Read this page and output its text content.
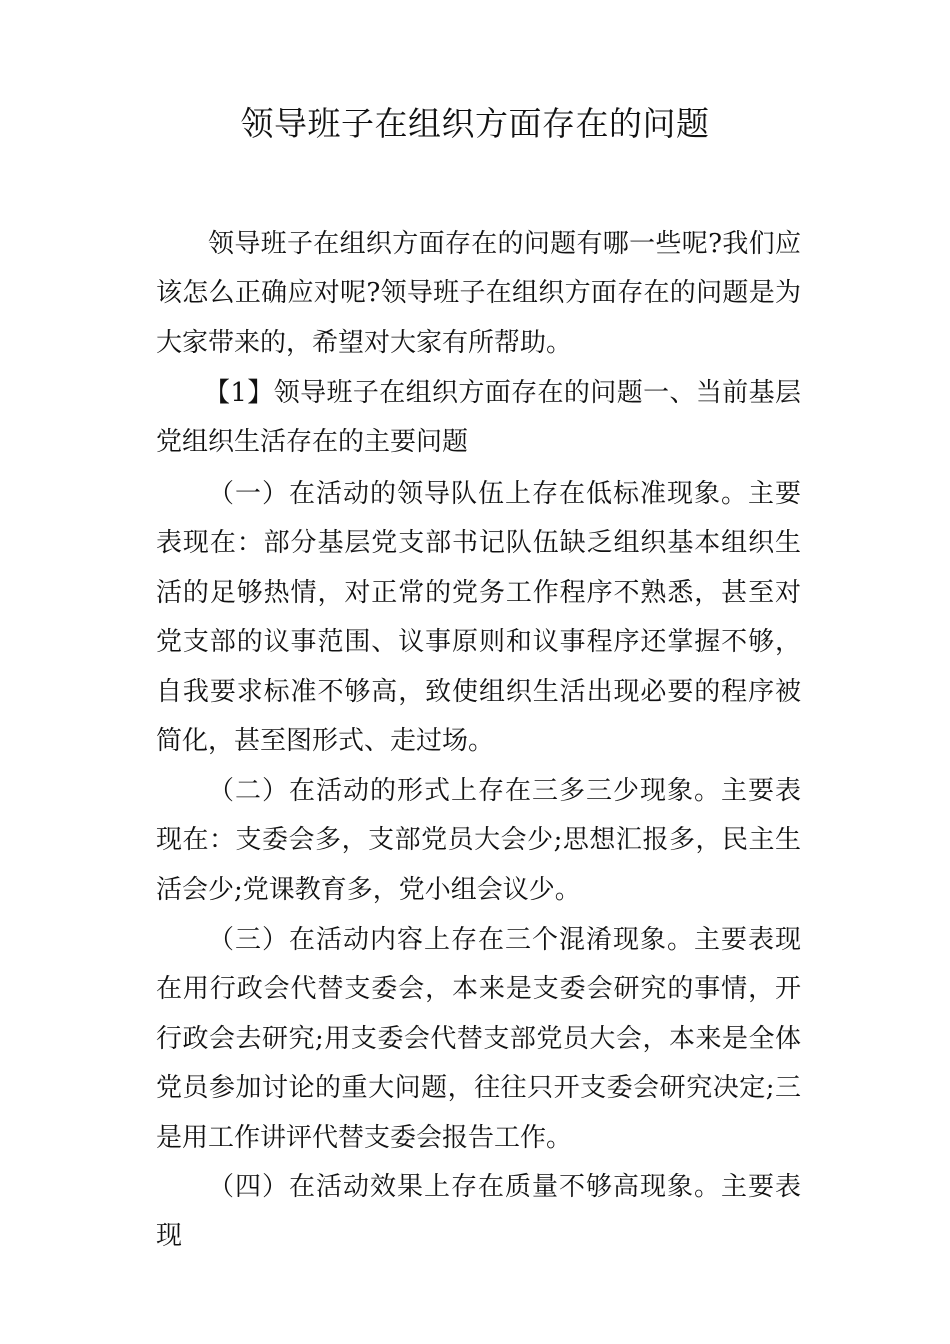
领导班子在组织方面存在的问题

领导班子在组织方面存在的问题有哪一些呢?我们应该怎么正确应对呢?领导班子在组织方面存在的问题是为大家带来的，希望对大家有所帮助。

【1】领导班子在组织方面存在的问题一、当前基层党组织生活存在的主要问题

（一）在活动的领导队伍上存在低标准现象。主要表现在：部分基层党支部书记队伍缺乏组织基本组织生活的足够热情，对正常的党务工作程序不熟悉，甚至对党支部的议事范围、议事原则和议事程序还掌握不够，自我要求标准不够高，致使组织生活出现必要的程序被简化，甚至图形式、走过场。

（二）在活动的形式上存在三多三少现象。主要表现在：支委会多，支部党员大会少;思想汇报多，民主生活会少;党课教育多，党小组会议少。

（三）在活动内容上存在三个混淆现象。主要表现在用行政会代替支委会，本来是支委会研究的事情，开行政会去研究;用支委会代替支部党员大会，本来是全体党员参加讨论的重大问题，往往只开支委会研究决定;三是用工作讲评代替支委会报告工作。

（四）在活动效果上存在质量不够高现象。主要表现
